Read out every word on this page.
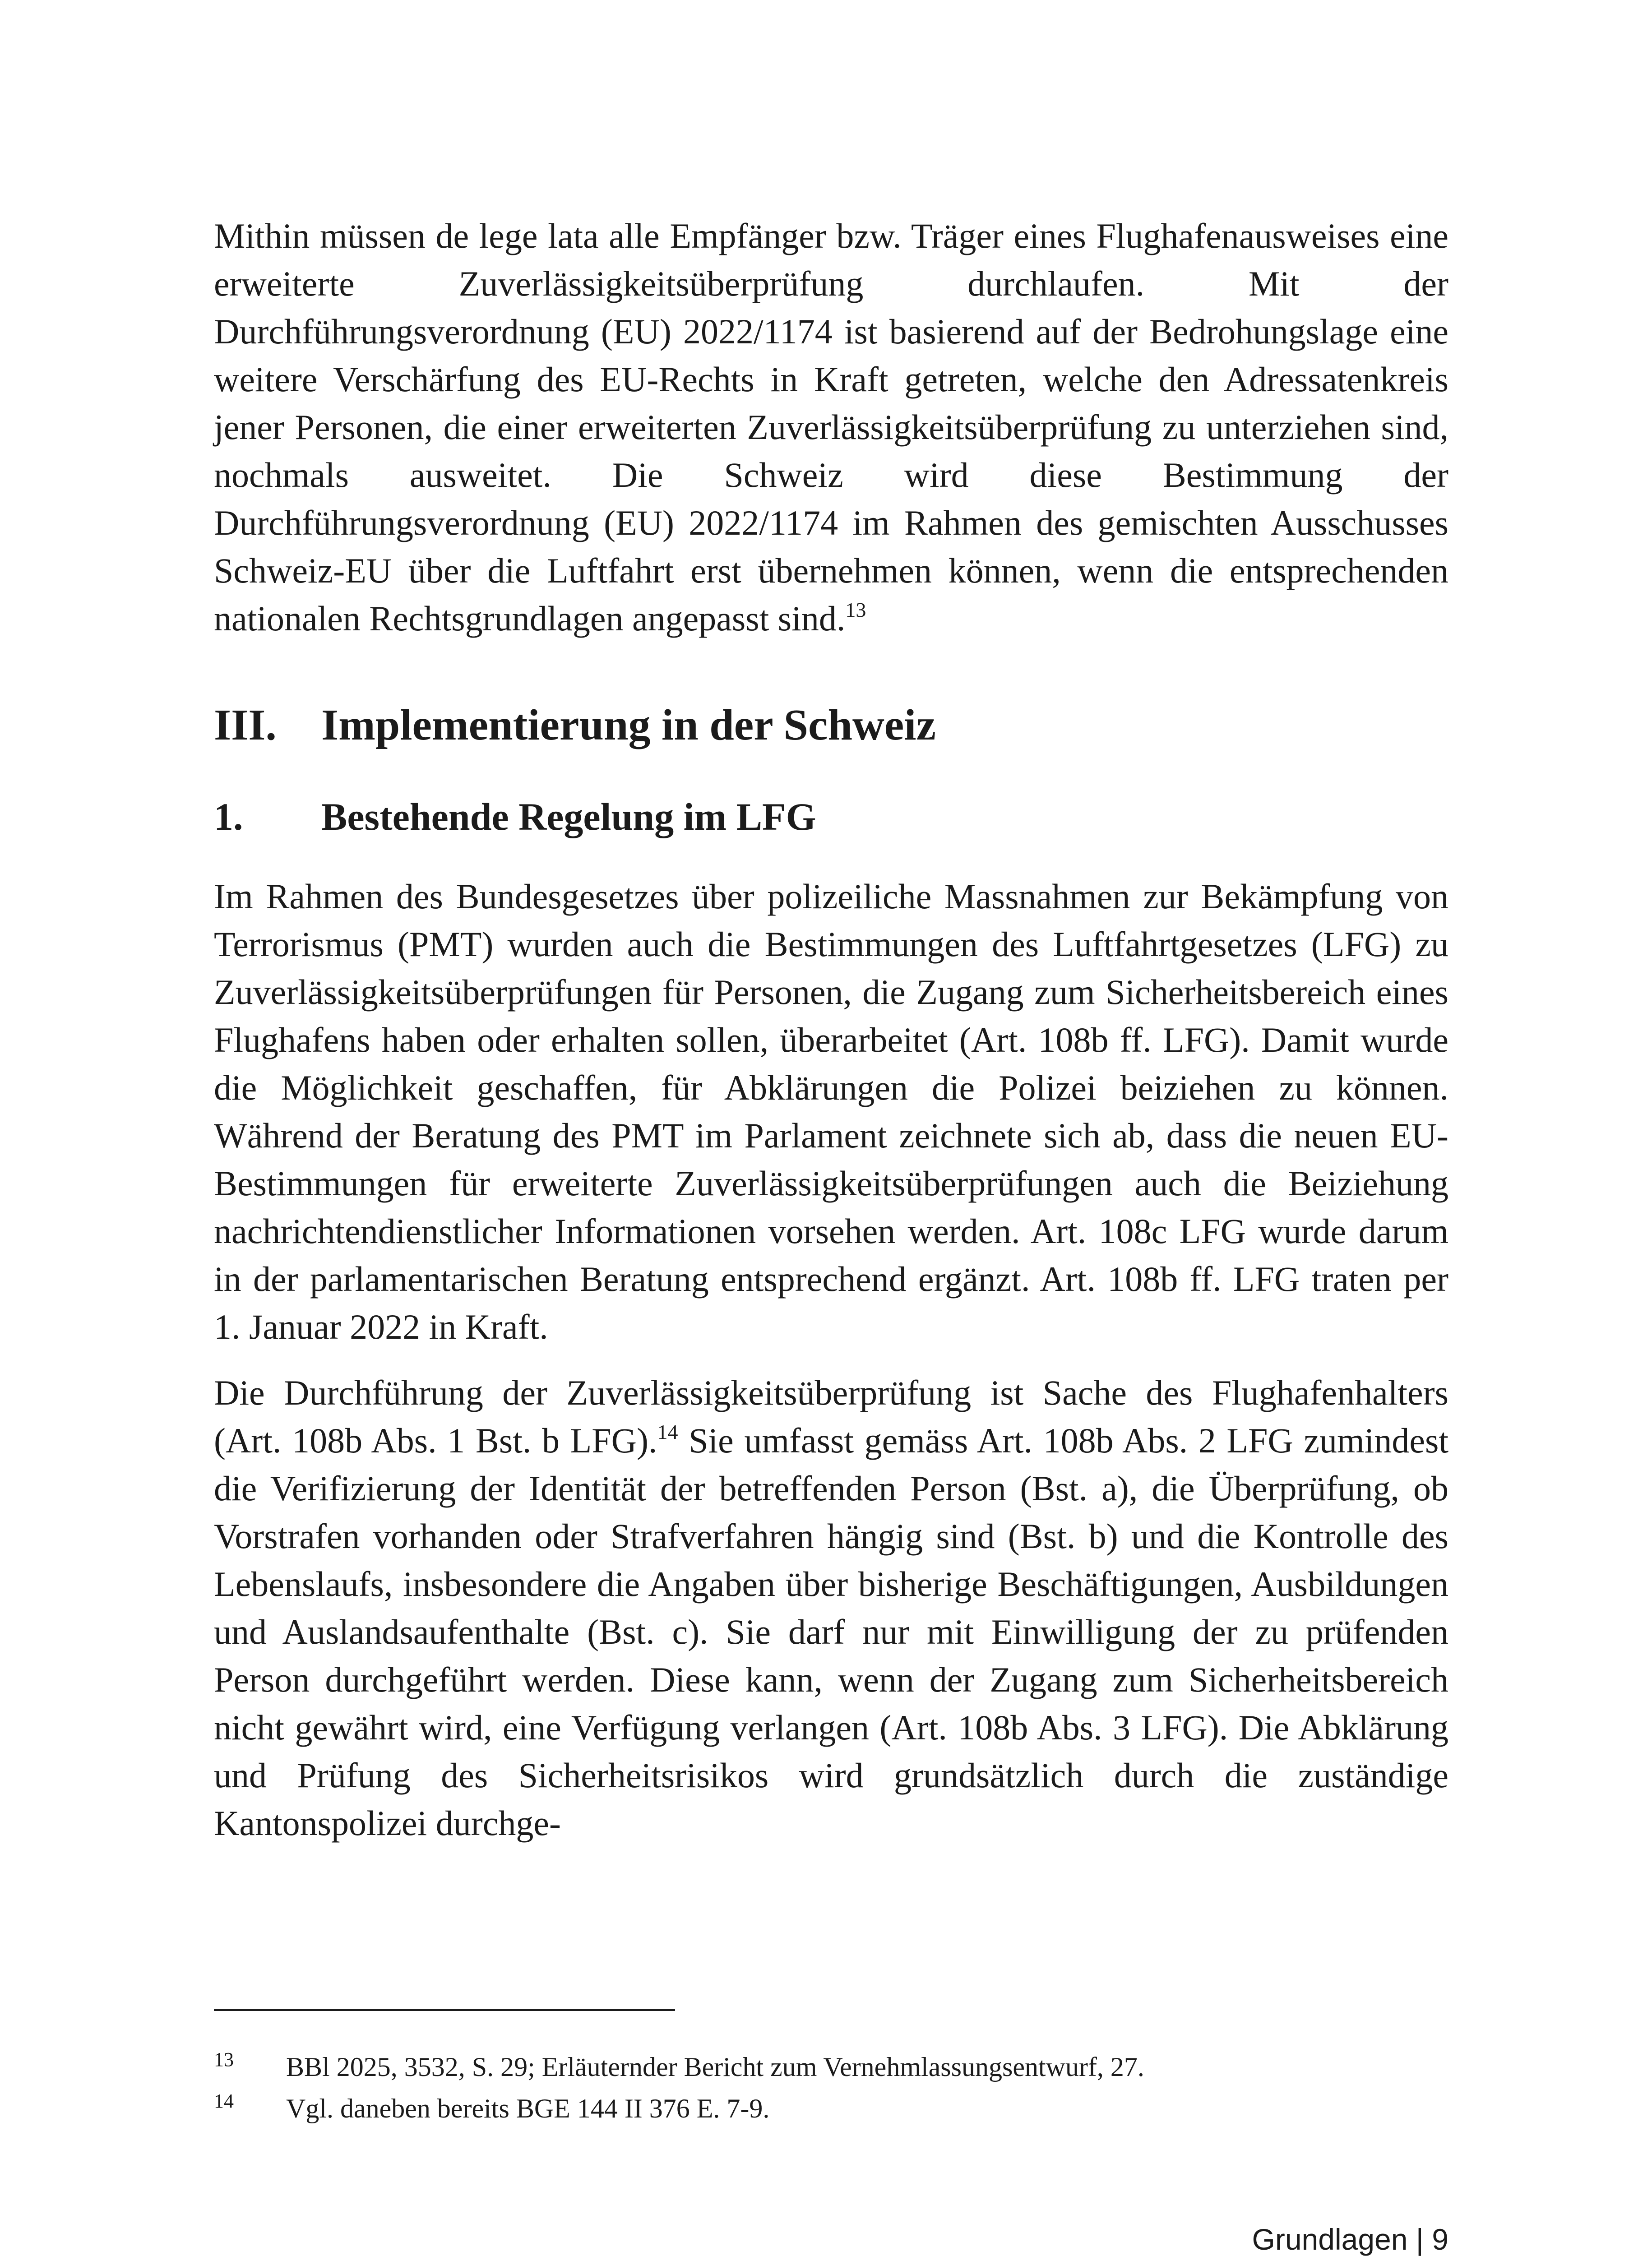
Mithin müssen de lege lata alle Empfänger bzw. Träger eines Flughafenausweises eine erweiterte Zuverlässigkeitsüberprüfung durchlaufen. Mit der Durchführungsverordnung (EU) 2022/1174 ist basierend auf der Bedrohungslage eine weitere Verschärfung des EU-Rechts in Kraft getreten, welche den Adressatenkreis jener Personen, die einer erweiterten Zuverlässigkeitsüberprüfung zu unterziehen sind, nochmals ausweitet. Die Schweiz wird diese Bestimmung der Durchführungsverordnung (EU) 2022/1174 im Rahmen des gemischten Ausschusses Schweiz-EU über die Luftfahrt erst übernehmen können, wenn die entsprechenden nationalen Rechtsgrundlagen angepasst sind.$^{13}$

III.	Implementierung in der Schweiz
1.	Bestehende Regelung im LFG

Im Rahmen des Bundesgesetzes über polizeiliche Massnahmen zur Bekämpfung von Terrorismus (PMT) wurden auch die Bestimmungen des Luftfahrtgesetzes (LFG) zu Zuverlässigkeitsüberprüfungen für Personen, die Zugang zum Sicherheitsbereich eines Flughafens haben oder erhalten sollen, überarbeitet (Art. 108b ff. LFG). Damit wurde die Möglichkeit geschaffen, für Abklärungen die Polizei beiziehen zu können. Während der Beratung des PMT im Parlament zeichnete sich ab, dass die neuen EU-Bestimmungen für erweiterte Zuverlässigkeitsüberprüfungen auch die Beiziehung nachrichtendienstlicher Informationen vorsehen werden. Art. 108c LFG wurde darum in der parlamentarischen Beratung entsprechend ergänzt. Art. 108b ff. LFG traten per 1. Januar 2022 in Kraft.

Die Durchführung der Zuverlässigkeitsüberprüfung ist Sache des Flughafenhalters (Art. 108b Abs. 1 Bst. b LFG).$^{14}$ Sie umfasst gemäss Art. 108b Abs. 2 LFG zumindest die Verifizierung der Identität der betreffenden Person (Bst. a), die Überprüfung, ob Vorstrafen vorhanden oder Strafverfahren hängig sind (Bst. b) und die Kontrolle des Lebenslaufs, insbesondere die Angaben über bisherige Beschäftigungen, Ausbildungen und Auslandsaufenthalte (Bst. c). Sie darf nur mit Einwilligung der zu prüfenden Person durchgeführt werden. Diese kann, wenn der Zugang zum Sicherheitsbereich nicht gewährt wird, eine Verfügung verlangen (Art. 108b Abs. 3 LFG). Die Abklärung und Prüfung des Sicherheitsrisikos wird grundsätzlich durch die zuständige Kantonspolizei durchge-

13	BBl 2025, 3532, S. 29; Erläuternder Bericht zum Vernehmlassungsentwurf, 27.
14	Vgl. daneben bereits BGE 144 II 376 E. 7-9.
Grundlagen | 9
